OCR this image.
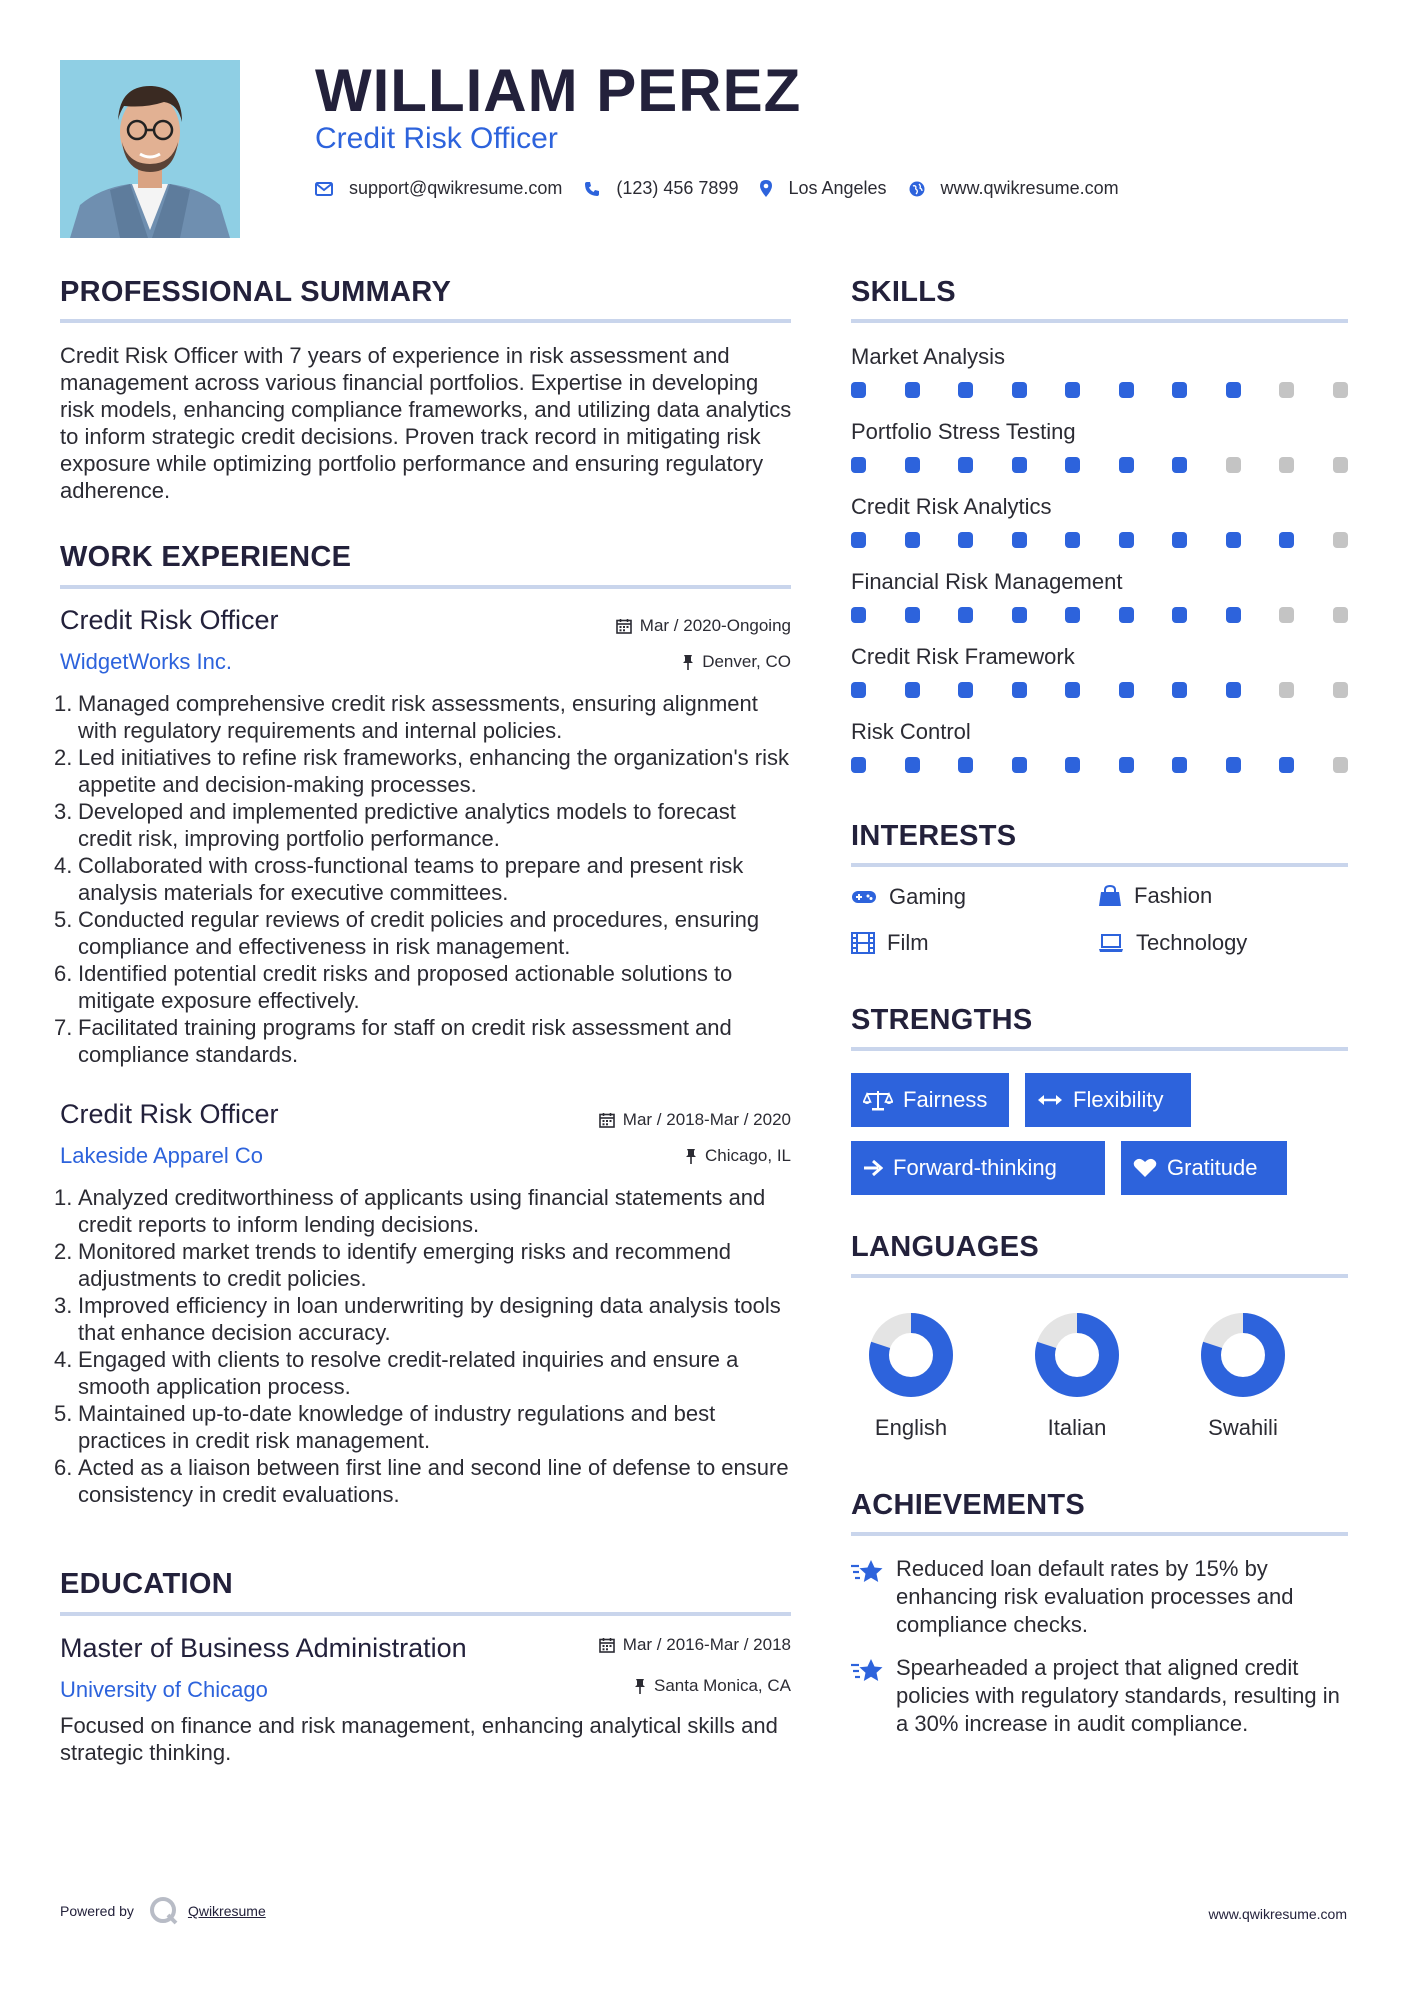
WILLIAM PEREZ
Credit Risk Officer
support@qwikresume.com	(123) 456 7899	Los Angeles	www.qwikresume.com
PROFESSIONAL SUMMARY
Credit Risk Officer with 7 years of experience in risk assessment and management across various financial portfolios. Expertise in developing risk models, enhancing compliance frameworks, and utilizing data analytics to inform strategic credit decisions. Proven track record in mitigating risk exposure while optimizing portfolio performance and ensuring regulatory adherence.
WORK EXPERIENCE
Credit Risk Officer	Mar / 2020-Ongoing
WidgetWorks Inc.	Denver, CO
1. Managed comprehensive credit risk assessments, ensuring alignment with regulatory requirements and internal policies.
2. Led initiatives to refine risk frameworks, enhancing the organization's risk appetite and decision-making processes.
3. Developed and implemented predictive analytics models to forecast credit risk, improving portfolio performance.
4. Collaborated with cross-functional teams to prepare and present risk analysis materials for executive committees.
5. Conducted regular reviews of credit policies and procedures, ensuring compliance and effectiveness in risk management.
6. Identified potential credit risks and proposed actionable solutions to mitigate exposure effectively.
7. Facilitated training programs for staff on credit risk assessment and compliance standards.
Credit Risk Officer	Mar / 2018-Mar / 2020
Lakeside Apparel Co	Chicago, IL
1. Analyzed creditworthiness of applicants using financial statements and credit reports to inform lending decisions.
2. Monitored market trends to identify emerging risks and recommend adjustments to credit policies.
3. Improved efficiency in loan underwriting by designing data analysis tools that enhance decision accuracy.
4. Engaged with clients to resolve credit-related inquiries and ensure a smooth application process.
5. Maintained up-to-date knowledge of industry regulations and best practices in credit risk management.
6. Acted as a liaison between first line and second line of defense to ensure consistency in credit evaluations.
EDUCATION
Master of Business Administration	Mar / 2016-Mar / 2018
University of Chicago	Santa Monica, CA
Focused on finance and risk management, enhancing analytical skills and strategic thinking.
SKILLS
Market Analysis
Portfolio Stress Testing
Credit Risk Analytics
Financial Risk Management
Credit Risk Framework
Risk Control
INTERESTS
Gaming	Fashion
Film	Technology
STRENGTHS
Fairness	Flexibility
Forward-thinking	Gratitude
LANGUAGES
English	Italian	Swahili
ACHIEVEMENTS
Reduced loan default rates by 15% by enhancing risk evaluation processes and compliance checks.
Spearheaded a project that aligned credit policies with regulatory standards, resulting in a 30% increase in audit compliance.
Powered by	Qwikresume	www.qwikresume.com
